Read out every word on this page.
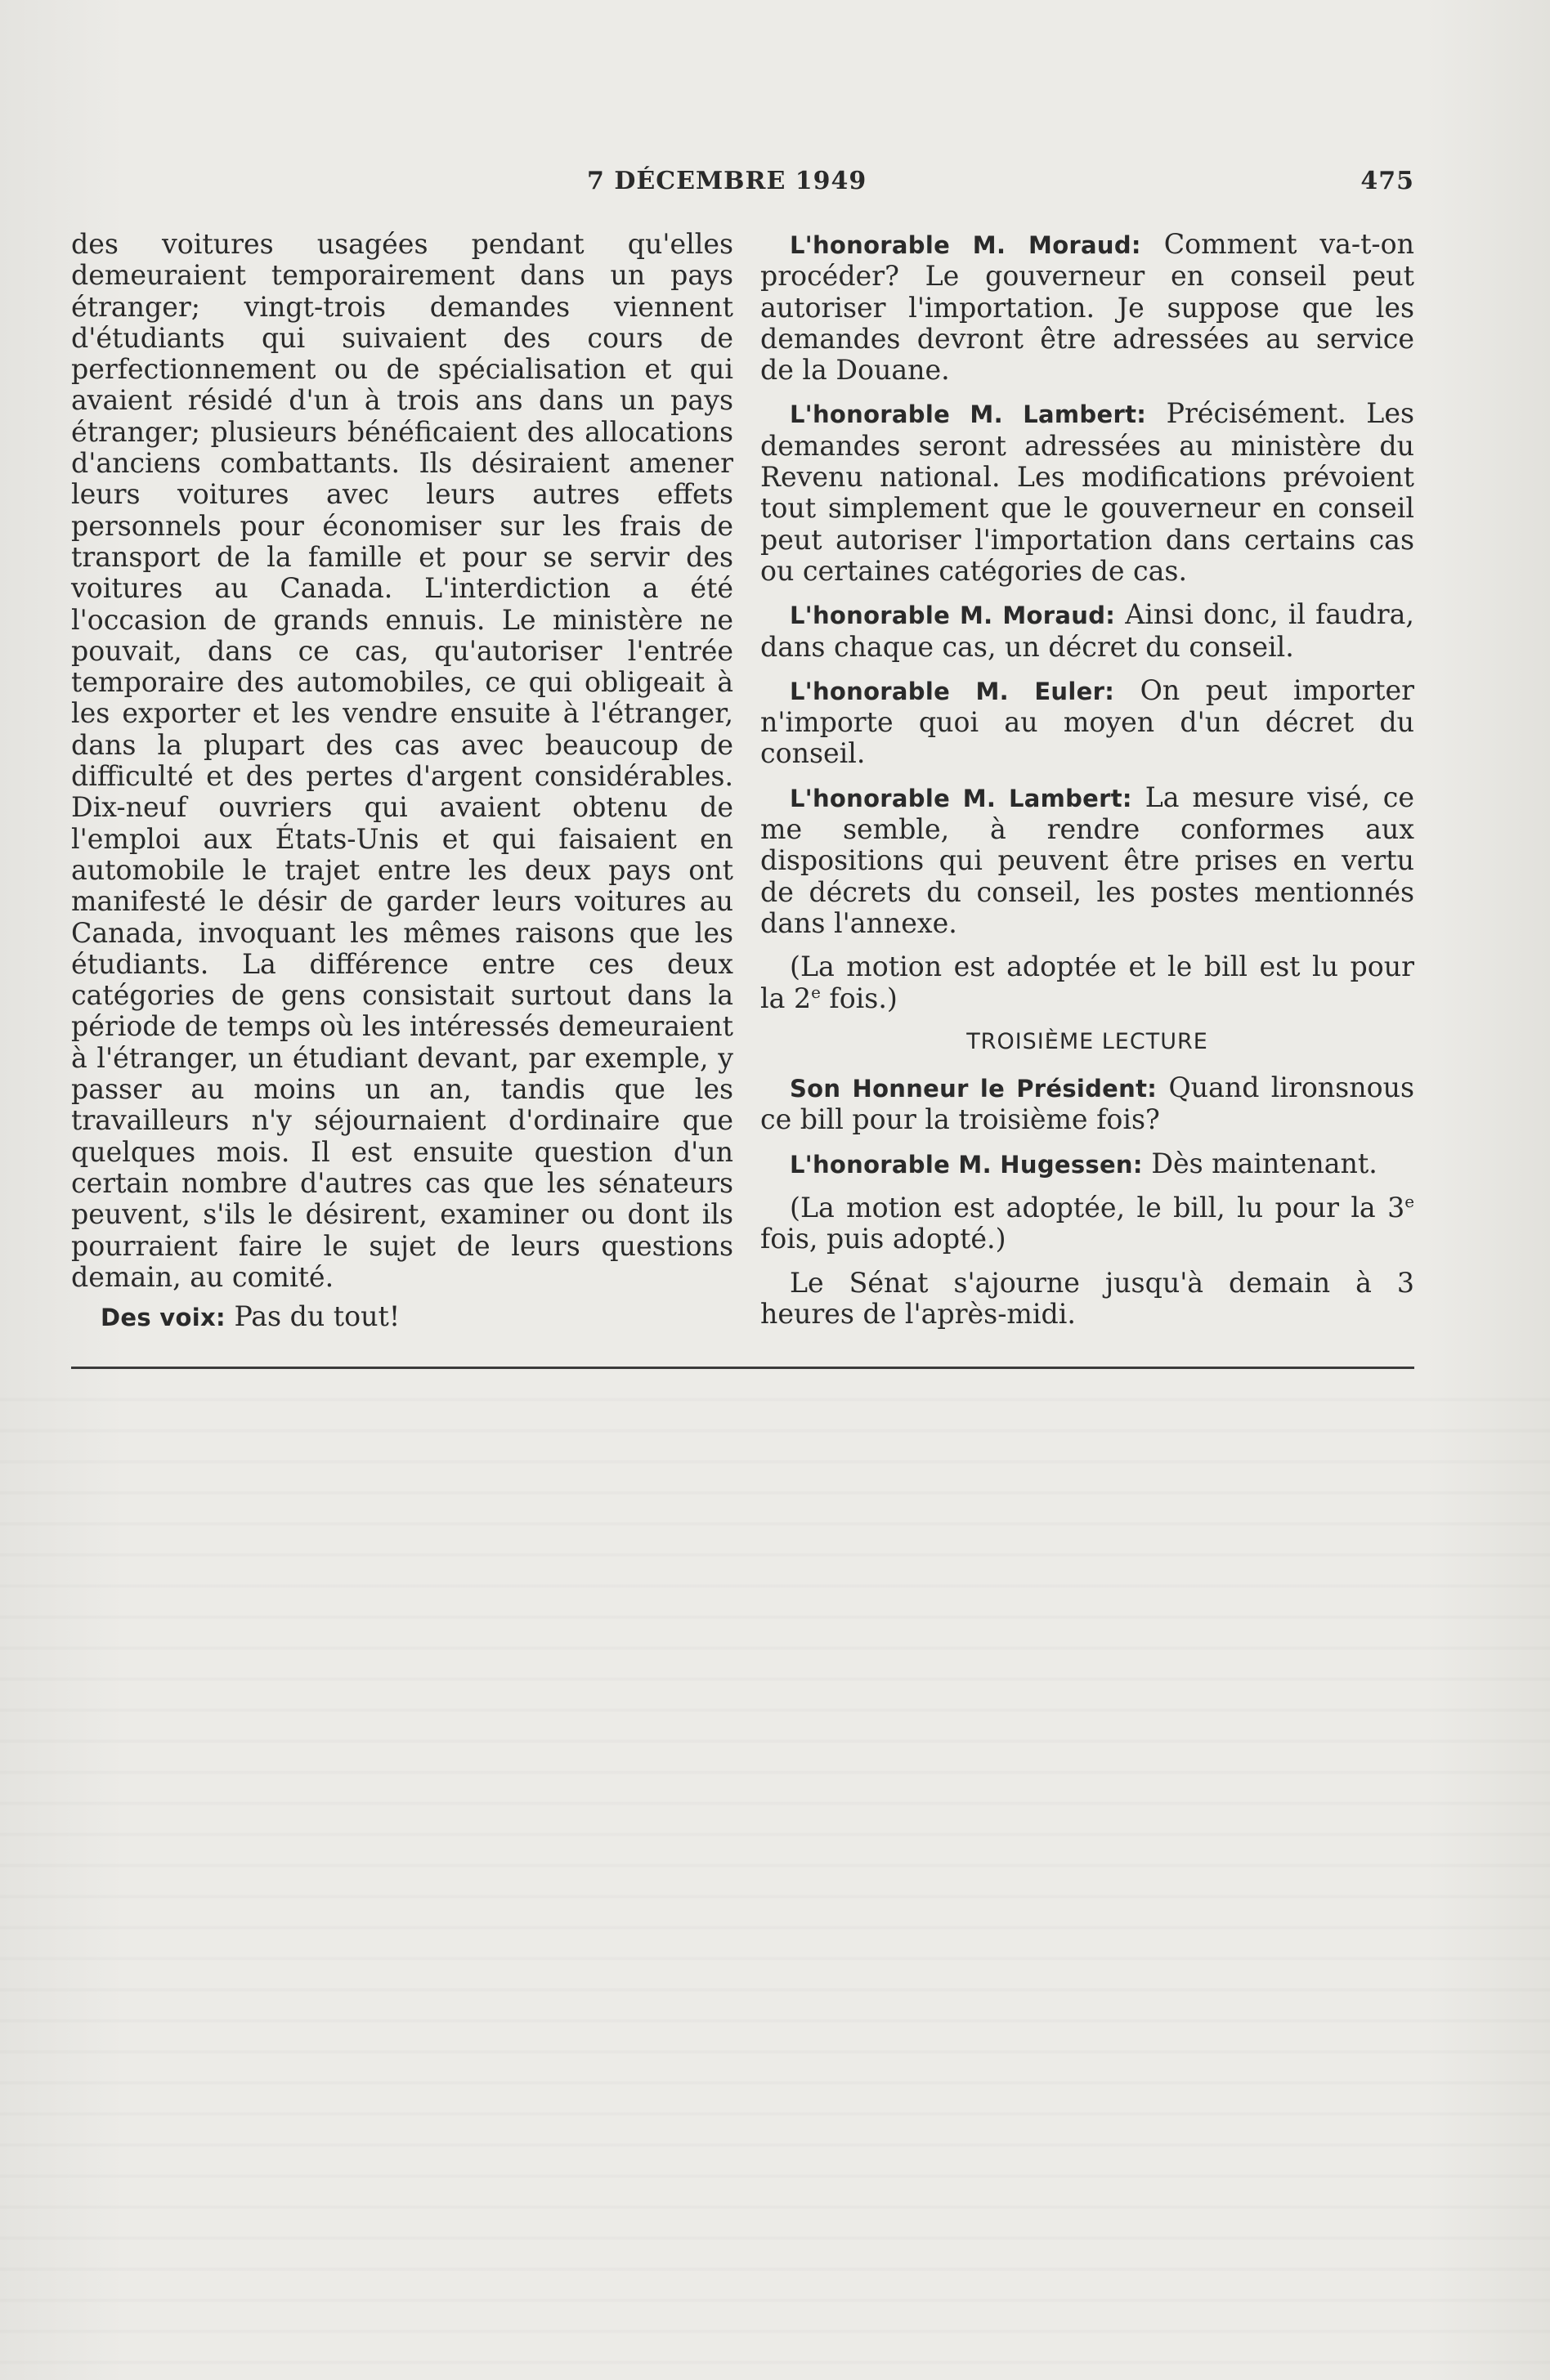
7 DÉCEMBRE 1949	475

des voitures usagées pendant qu'elles demeuraient temporairement dans un pays étranger; vingt-trois demandes viennent d'étudiants qui suivaient des cours de perfectionnement ou de spécialisation et qui avaient résidé d'un à trois ans dans un pays étranger; plusieurs bénéficaient des allocations d'anciens combattants. Ils désiraient amener leurs voitures avec leurs autres effets personnels pour économiser sur les frais de transport de la famille et pour se servir des voitures au Canada. L'interdiction a été l'occasion de grands ennuis. Le ministère ne pouvait, dans ce cas, qu'autoriser l'entrée temporaire des automobiles, ce qui obligeait à les exporter et les vendre ensuite à l'étranger, dans la plupart des cas avec beaucoup de difficulté et des pertes d'argent considérables. Dix-neuf ouvriers qui avaient obtenu de l'emploi aux États-Unis et qui faisaient en automobile le trajet entre les deux pays ont manifesté le désir de garder leurs voitures au Canada, invoquant les mêmes raisons que les étudiants. La différence entre ces deux catégories de gens consistait surtout dans la période de temps où les intéressés demeuraient à l'étranger, un étudiant devant, par exemple, y passer au moins un an, tandis que les travailleurs n'y séjournaient d'ordinaire que quelques mois. Il est ensuite question d'un certain nombre d'autres cas que les sénateurs peuvent, s'ils le désirent, examiner ou dont ils pourraient faire le sujet de leurs questions demain, au comité.

Des voix: Pas du tout!

L'honorable M. Moraud: Comment va-t-on procéder? Le gouverneur en conseil peut autoriser l'importation. Je suppose que les demandes devront être adressées au service de la Douane.

L'honorable M. Lambert: Précisément. Les demandes seront adressées au ministère du Revenu national. Les modifications prévoient tout simplement que le gouverneur en conseil peut autoriser l'importation dans certains cas ou certaines catégories de cas.

L'honorable M. Moraud: Ainsi donc, il faudra, dans chaque cas, un décret du conseil.

L'honorable M. Euler: On peut importer n'importe quoi au moyen d'un décret du conseil.

L'honorable M. Lambert: La mesure visé, ce me semble, à rendre conformes aux dispositions qui peuvent être prises en vertu de décrets du conseil, les postes mentionnés dans l'annexe.

(La motion est adoptée et le bill est lu pour la 2e fois.)

TROISIÈME LECTURE

Son Honneur le Président: Quand lironsnous ce bill pour la troisième fois?

L'honorable M. Hugessen: Dès maintenant.

(La motion est adoptée, le bill, lu pour la 3e fois, puis adopté.)

Le Sénat s'ajourne jusqu'à demain à 3 heures de l'après-midi.
